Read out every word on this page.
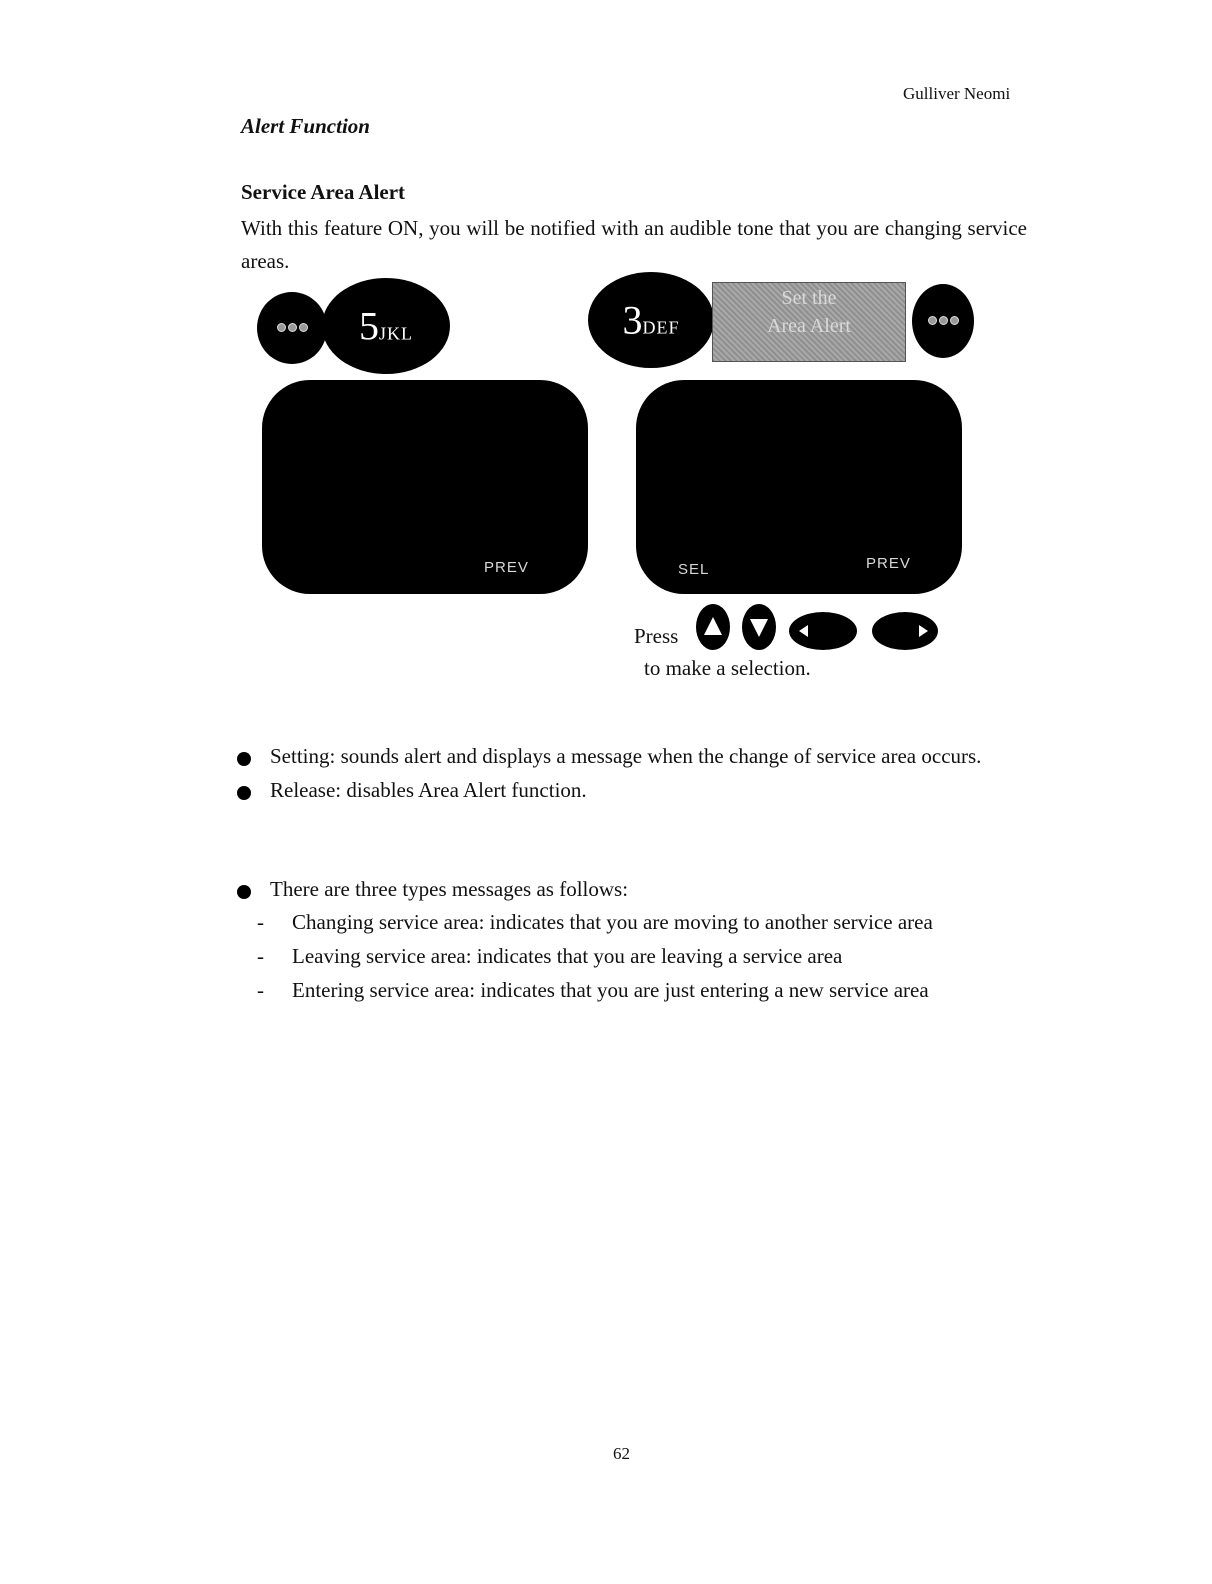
Gulliver Neomi
Alert Function
Service Area Alert
With this feature ON, you will be notified with an audible tone that you are changing service areas.
5JKL
PREV
3DEF
Set the
Area Alert
SEL	PREV
Press
to make a selection.
Setting: sounds alert and displays a message when the change of service area occurs.
Release: disables Area Alert function.
There are three types messages as follows:
- Changing service area: indicates that you are moving to another service area
- Leaving service area: indicates that you are leaving a service area
- Entering service area: indicates that you are just entering a new service area
62
